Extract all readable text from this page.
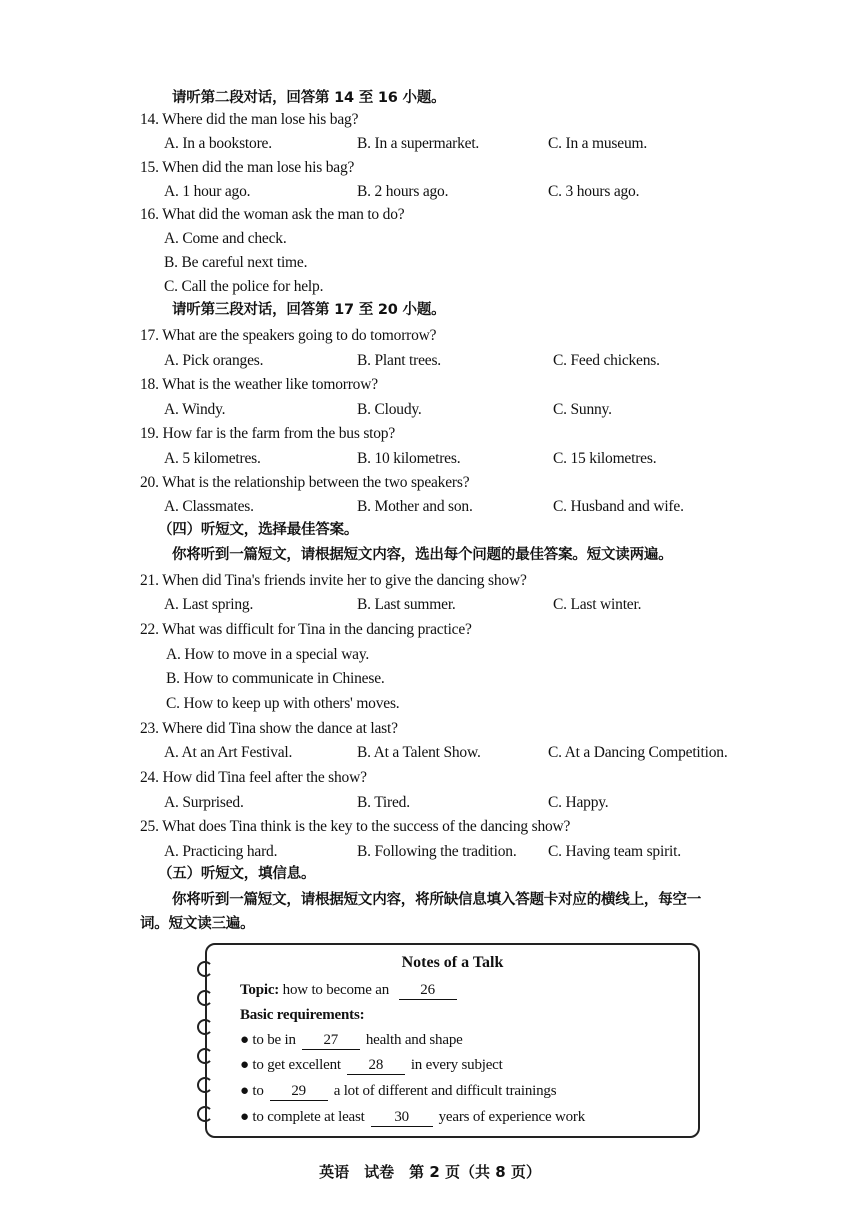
请听第二段对话，回答第 14 至 16 小题。
14. Where did the man lose his bag?
A. In a bookstore.	B. In a supermarket.	C. In a museum.
15. When did the man lose his bag?
A. 1 hour ago.	B. 2 hours ago.	C. 3 hours ago.
16. What did the woman ask the man to do?
A. Come and check.
B. Be careful next time.
C. Call the police for help.
请听第三段对话，回答第 17 至 20 小题。
17. What are the speakers going to do tomorrow?
A. Pick oranges.	B. Plant trees.	C. Feed chickens.
18. What is the weather like tomorrow?
A. Windy.	B. Cloudy.	C. Sunny.
19. How far is the farm from the bus stop?
A. 5 kilometres.	B. 10 kilometres.	C. 15 kilometres.
20. What is the relationship between the two speakers?
A. Classmates.	B. Mother and son.	C. Husband and wife.
（四）听短文，选择最佳答案。
你将听到一篇短文，请根据短文内容，选出每个问题的最佳答案。短文读两遍。
21. When did Tina's friends invite her to give the dancing show?
A. Last spring.	B. Last summer.	C. Last winter.
22. What was difficult for Tina in the dancing practice?
A. How to move in a special way.
B. How to communicate in Chinese.
C. How to keep up with others' moves.
23. Where did Tina show the dance at last?
A. At an Art Festival.	B. At a Talent Show.	C. At a Dancing Competition.
24. How did Tina feel after the show?
A. Surprised.	B. Tired.	C. Happy.
25. What does Tina think is the key to the success of the dancing show?
A. Practicing hard.	B. Following the tradition. C. Having team spirit.
（五）听短文，填信息。
你将听到一篇短文，请根据短文内容，将所缺信息填入答题卡对应的横线上，每空一
词。短文读三遍。
Notes of a Talk
Topic: how to become an 26
Basic requirements:
● to be in 27 health and shape
● to get excellent 28 in every subject
● to 29 a lot of different and difficult trainings
● to complete at least 30 years of experience work
英语　试卷　第 2 页（共 8 页）
